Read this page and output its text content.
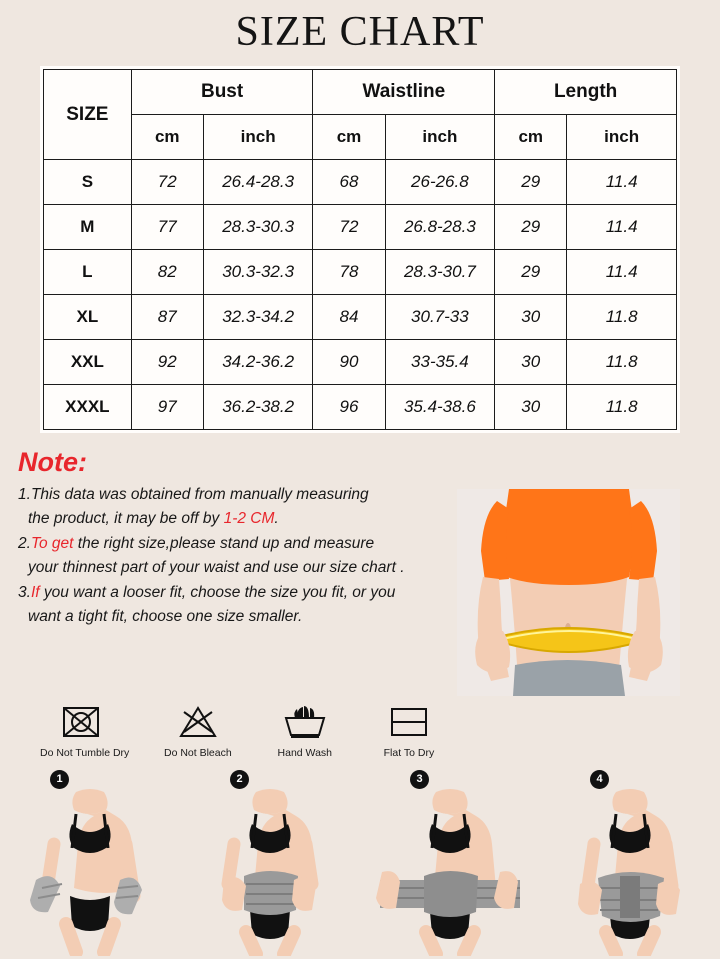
SIZE CHART
SIZE	Bust		Waistline		Length	
	cm	inch	cm	inch	cm	inch
S	72	26.4-28.3	68	26-26.8	29	11.4
M	77	28.3-30.3	72	26.8-28.3	29	11.4
L	82	30.3-32.3	78	28.3-30.7	29	11.4
XL	87	32.3-34.2	84	30.7-33	30	11.8
XXL	92	34.2-36.2	90	33-35.4	30	11.8
XXXL	97	36.2-38.2	96	35.4-38.6	30	11.8
Note:
1.This data was obtained from manually measuring
the product, it may be off by 1-2 CM.
2.To get the right size,please stand up and measure
your thinnest part of your waist and use our size chart .
3.If you want a looser fit, choose the size you fit, or you
want a tight fit, choose one size smaller.
Do Not Tumble Dry	Do Not Bleach	Hand Wash	Flat To Dry
1	2	3	4
